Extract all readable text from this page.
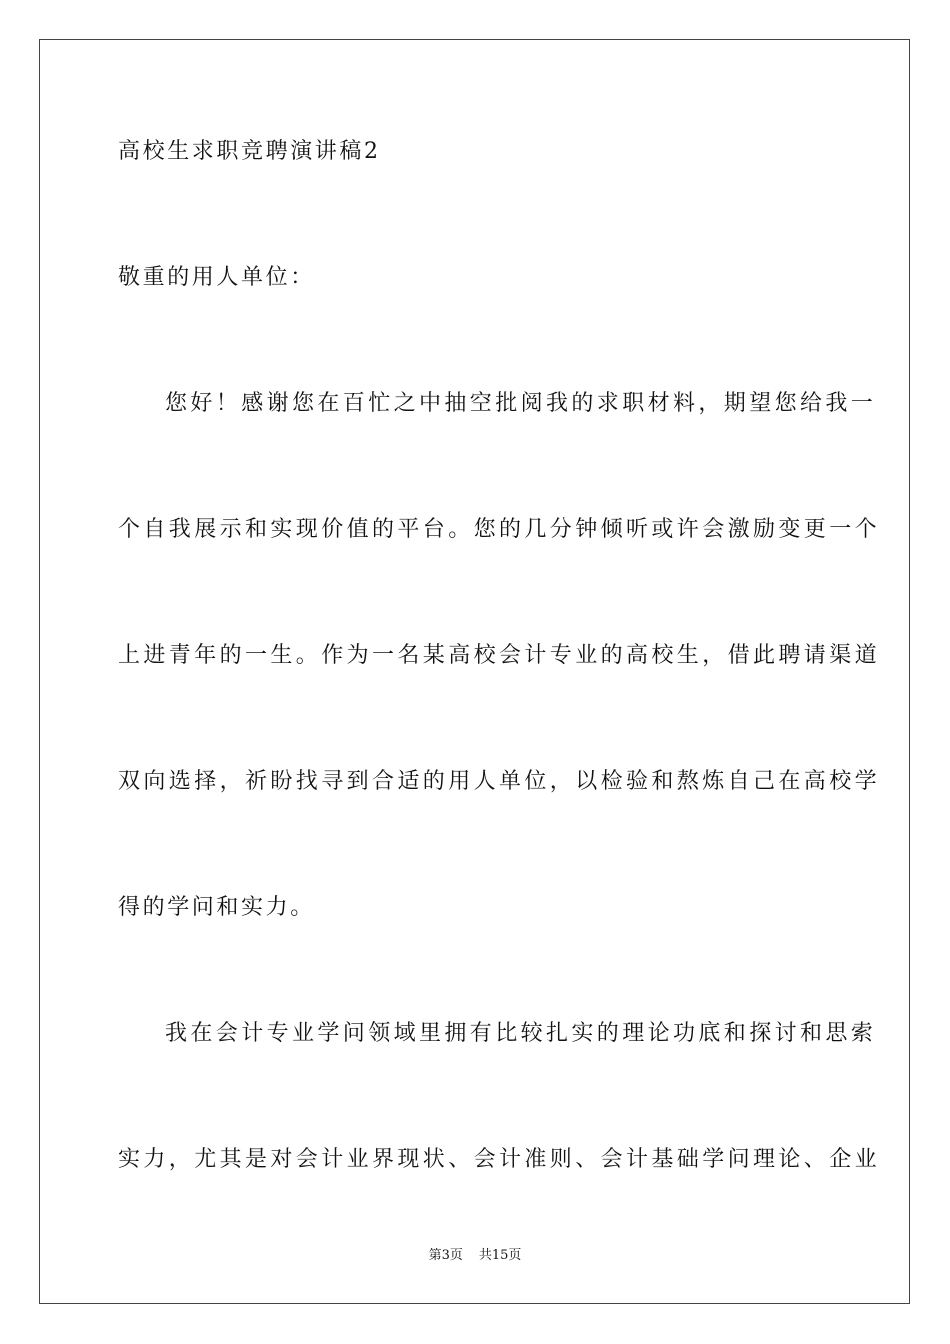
高校生求职竞聘演讲稿2
敬重的用人单位：
您好！感谢您在百忙之中抽空批阅我的求职材料，期望您给我一
个自我展示和实现价值的平台。您的几分钟倾听或许会激励变更一个
上进青年的一生。作为一名某高校会计专业的高校生，借此聘请渠道
双向选择，祈盼找寻到合适的用人单位，以检验和熬炼自己在高校学
得的学问和实力。
我在会计专业学问领域里拥有比较扎实的理论功底和探讨和思索
实力，尤其是对会计业界现状、会计准则、会计基础学问理论、企业
第3页 共15页
